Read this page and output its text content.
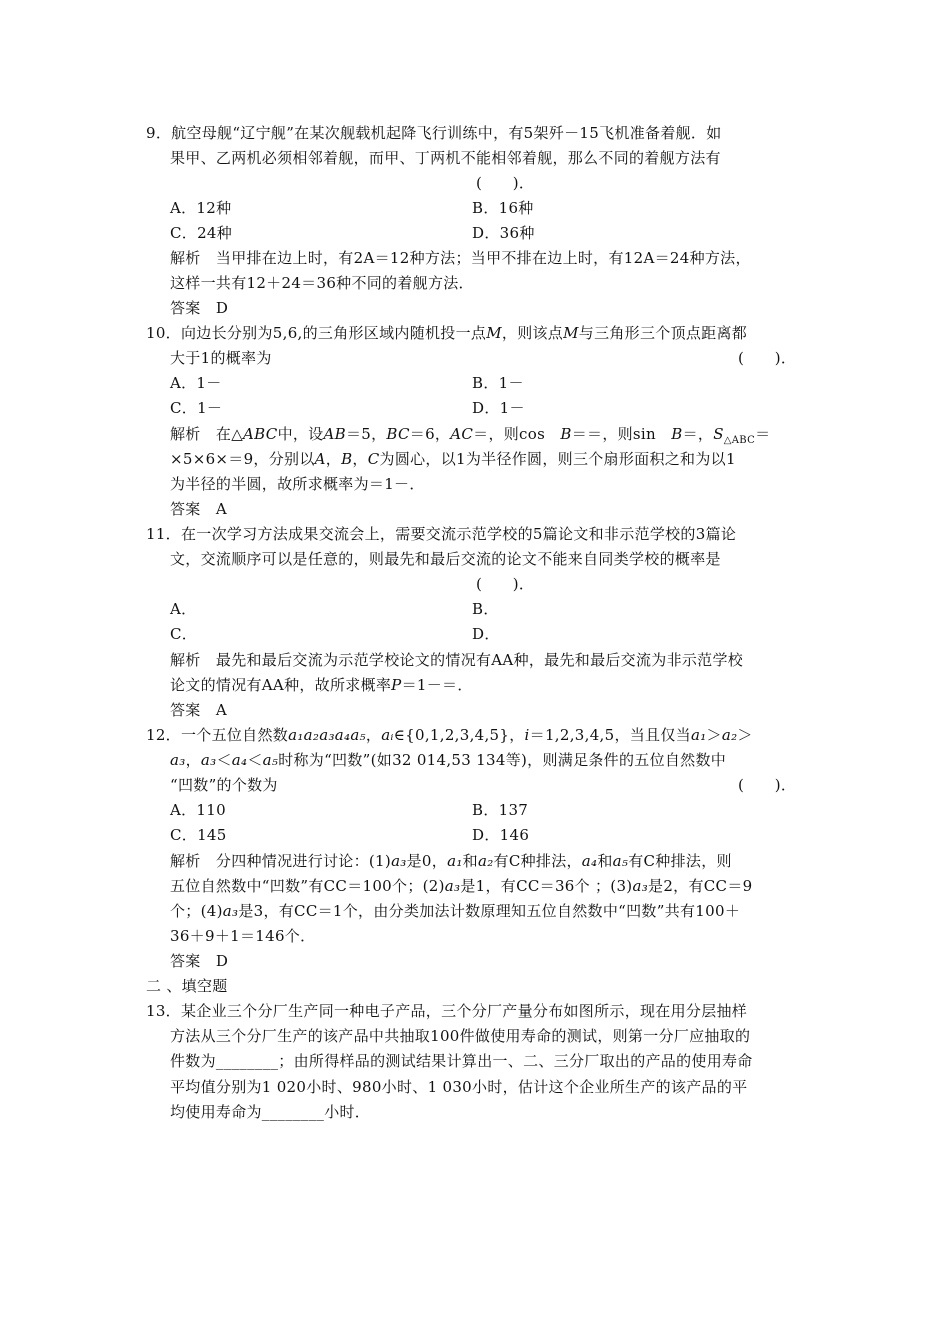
9．航空母舰“辽宁舰”在某次舰载机起降飞行训练中，有5架歼－15飞机准备着舰．如
果甲、乙两机必须相邻着舰，而甲、丁两机不能相邻着舰，那么不同的着舰方法有
(　　)．
A．12种	B．16种
C．24种	D．36种
解析　当甲排在边上时，有2A＝12种方法；当甲不排在边上时，有12A＝24种方法，
这样一共有12＋24＝36种不同的着舰方法．
答案　D
10．向边长分别为5,6,的三角形区域内随机投一点M，则该点M与三角形三个顶点距离都
大于1的概率为	(　　)．
A．1－	B．1－
C．1－	D．1－
解析　在△ABC中，设AB＝5，BC＝6，AC＝，则cos　B＝＝，则sin　B＝，$S_{\triangle ABC}=$
×5×6×＝9，分别以A，B，C为圆心，以1为半径作圆，则三个扇形面积之和为以1
为半径的半圆，故所求概率为＝1－．
答案　A
11．在一次学习方法成果交流会上，需要交流示范学校的5篇论文和非示范学校的3篇论
文，交流顺序可以是任意的，则最先和最后交流的论文不能来自同类学校的概率是
(　　)．
A．	B．
C．	D．
解析　最先和最后交流为示范学校论文的情况有AA种，最先和最后交流为非示范学校
论文的情况有AA种，故所求概率P＝1－＝．
答案　A
12．一个五位自然数a₁a₂a₃a₄a₅，aᵢ∈{0,1,2,3,4,5}，i＝1,2,3,4,5，当且仅当a₁＞a₂＞
a₃，a₃＜a₄＜a₅时称为“凹数”(如32 014,53 134等)，则满足条件的五位自然数中
“凹数”的个数为	(　　)．
A．110	B．137
C．145	D．146
解析　分四种情况进行讨论：(1)a₃是0，a₁和a₂有C种排法，a₄和a₅有C种排法，则
五位自然数中“凹数”有CC＝100个；(2)a₃是1，有CC＝36个 ；(3)a₃是2，有CC＝9
个；(4)a₃是3，有CC＝1个，由分类加法计数原理知五位自然数中“凹数”共有100＋
36＋9＋1＝146个．
答案　D
二 、填空题
13．某企业三个分厂生产同一种电子产品，三个分厂产量分布如图所示，现在用分层抽样
方法从三个分厂生产的该产品中共抽取100件做使用寿命的测试，则第一分厂应抽取的
件数为________；由所得样品的测试结果计算出一、二、三分厂取出的产品的使用寿命
平均值分别为1 020小时、980小时、1 030小时，估计这个企业所生产的该产品的平
均使用寿命为________小时．
